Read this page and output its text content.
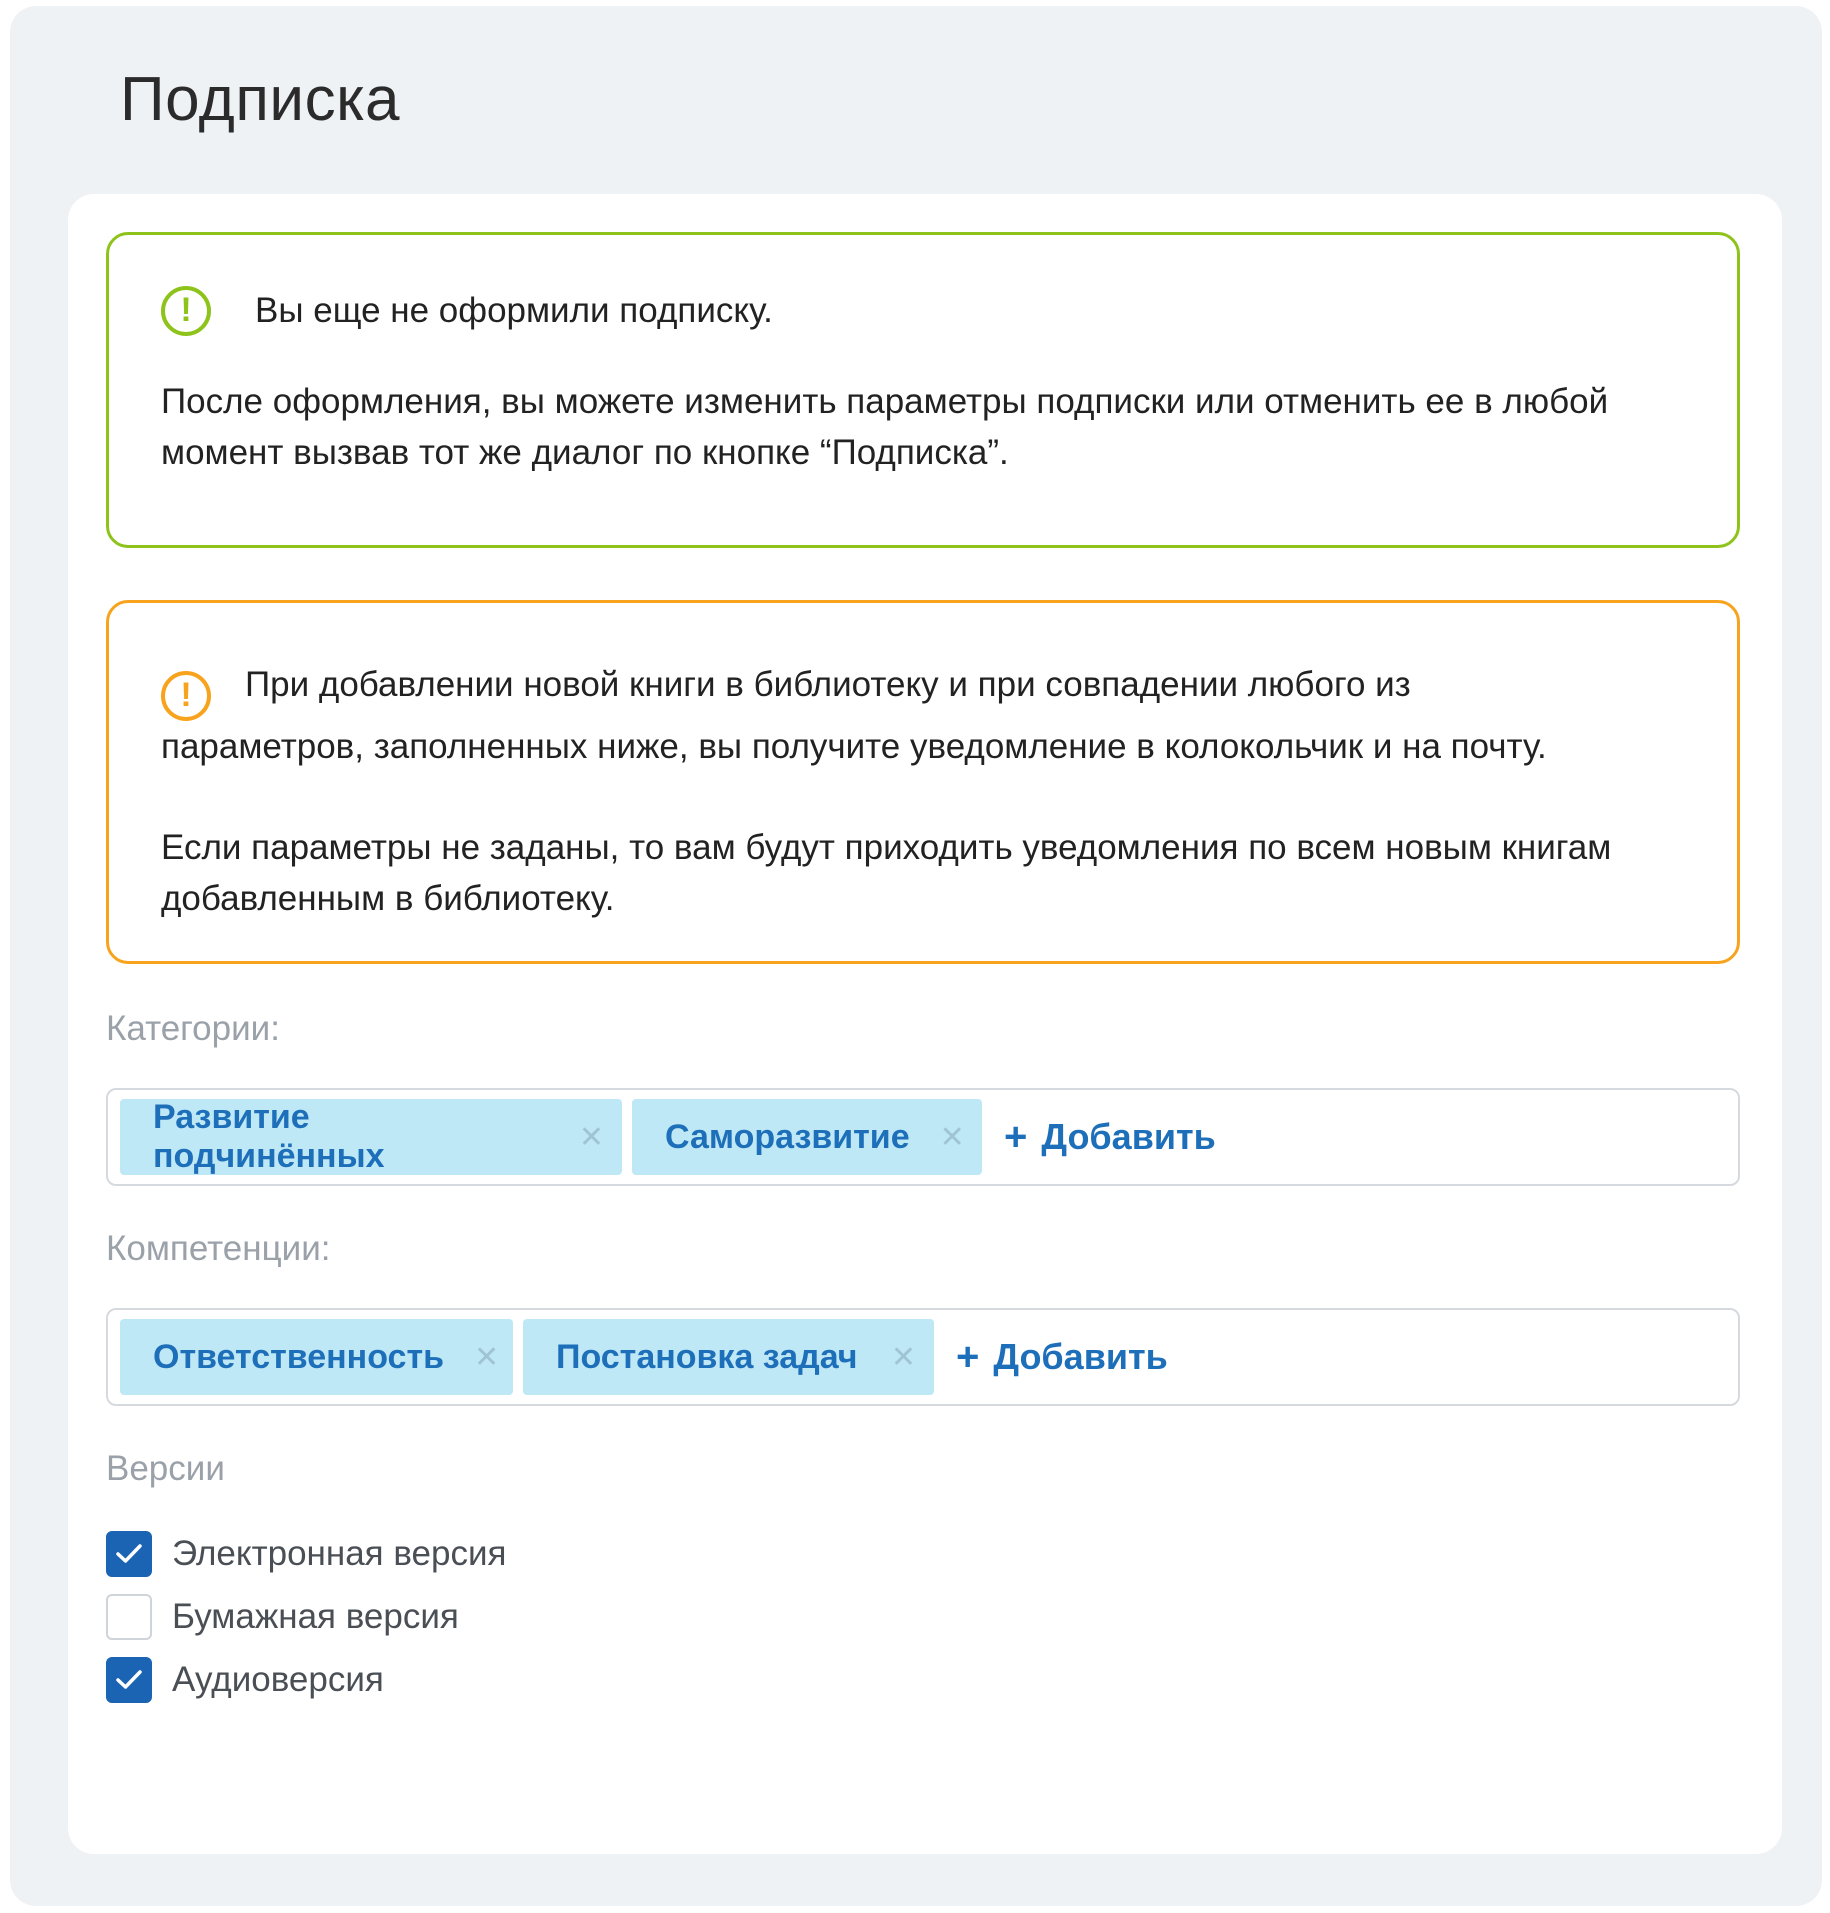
Подписка
!	Вы еще не оформили подписку.
После оформления, вы можете изменить параметры подписки или отменить ее в любой
момент вызвав тот же диалог по кнопке “Подписка”.
! При добавлении новой книги в библиотеку и при совпадении любого из
параметров, заполненных ниже, вы получите уведомление в колокольчик и на почту.
Если параметры не заданы, то вам будут приходить уведомления по всем новым книгам
добавленным в библиотеку.
Категории:
Развитие подчинённых	✕ Саморазвитие ✕ + Добавить
Компетенции:
Ответственность ✕ Постановка задач ✕ + Добавить
Версии
Электронная версия
Бумажная версия
Аудиоверсия
